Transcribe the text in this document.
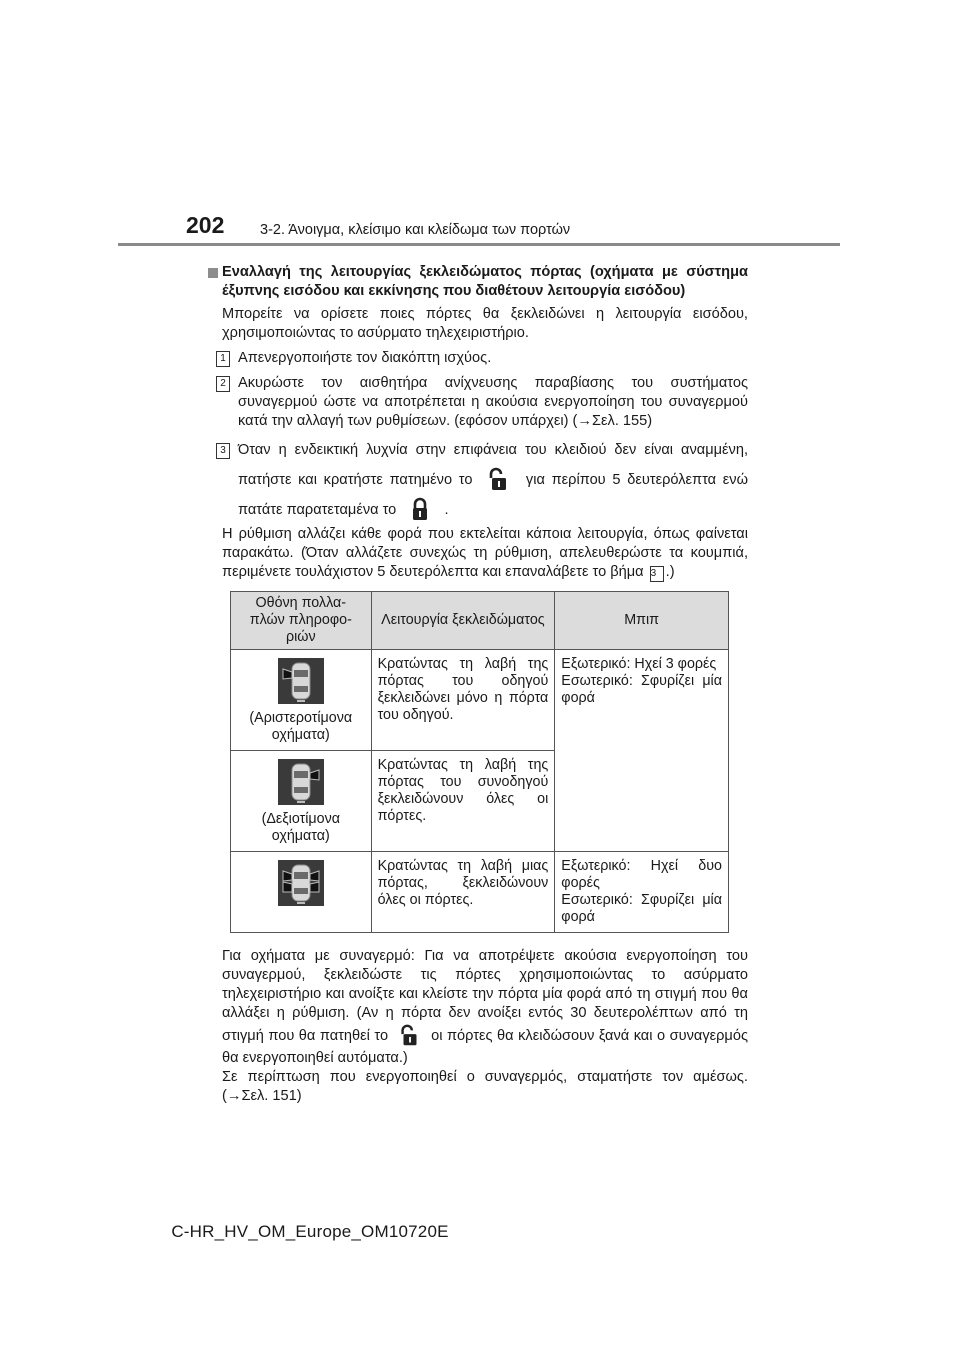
202 3-2. Άνοιγμα, κλείσιμο και κλείδωμα των πορτών
Εναλλαγή της λειτουργίας ξεκλειδώματος πόρτας (οχήματα με σύστημα έξυπνης εισόδου και εκκίνησης που διαθέτουν λειτουργία εισόδου)
Μπορείτε να ορίσετε ποιες πόρτες θα ξεκλειδώνει η λειτουργία εισόδου, χρησιμοποιώντας το ασύρματο τηλεχειριστήριο.
1 Απενεργοποιήστε τον διακόπτη ισχύος.
2 Ακυρώστε τον αισθητήρα ανίχνευσης παραβίασης του συστήματος συναγερμού ώστε να αποτρέπεται η ακούσια ενεργοποίηση του συναγερμού κατά την αλλαγή των ρυθμίσεων. (εφόσον υπάρχει) (→Σελ. 155)
3 Όταν η ενδεικτική λυχνία στην επιφάνεια του κλειδιού δεν είναι αναμμένη, πατήστε και κρατήστε πατημένο το	για περίπου 5 δευτερόλεπτα ενώ πατάτε παρατεταμένα το	.
Η ρύθμιση αλλάζει κάθε φορά που εκτελείται κάποια λειτουργία, όπως φαίνεται παρακάτω. (Όταν αλλάζετε συνεχώς τη ρύθμιση, απελευθερώστε τα κουμπιά, περιμένετε τουλάχιστον 5 δευτερόλεπτα και επαναλάβετε το βήμα 3 .)
Οθόνη πολλα-
πλών πληροφο-
ριών	Λειτουργία ξεκλειδώματος	Μπιπ

(Αριστεροτίμονα οχήματα)	Κρατώντας τη λαβή της πόρτας του οδηγού ξεκλειδώνει μόνο η πόρτα του οδηγού.	Εξωτερικό: Ηχεί 3 φορές
Εσωτερικό: Σφυρίζει μία φορά

(Δεξιοτίμονα οχήματα)	Κρατώντας τη λαβή της πόρτας του συνοδηγού ξεκλειδώνουν όλες οι πόρτες.	

	Κρατώντας τη λαβή μιας πόρτας, ξεκλειδώνουν όλες οι πόρτες.	Εξωτερικό: Ηχεί δυο φορές
Εσωτερικό: Σφυρίζει μία φορά
Για οχήματα με συναγερμό: Για να αποτρέψετε ακούσια ενεργοποίηση του συναγερμού, ξεκλειδώστε τις πόρτες χρησιμοποιώντας το ασύρματο τηλεχειριστήριο και ανοίξτε και κλείστε την πόρτα μία φορά από τη στιγμή που θα αλλάξει η ρύθμιση. (Αν η πόρτα δεν ανοίξει εντός 30 δευτερολέπτων από τη στιγμή που θα πατηθεί το	οι πόρτες θα κλειδώσουν ξανά και ο συναγερμός θα ενεργοποιηθεί αυτόματα.)
Σε περίπτωση που ενεργοποιηθεί ο συναγερμός, σταματήστε τον αμέσως. (→Σελ. 151)
C-HR_HV_OM_Europe_OM10720E
